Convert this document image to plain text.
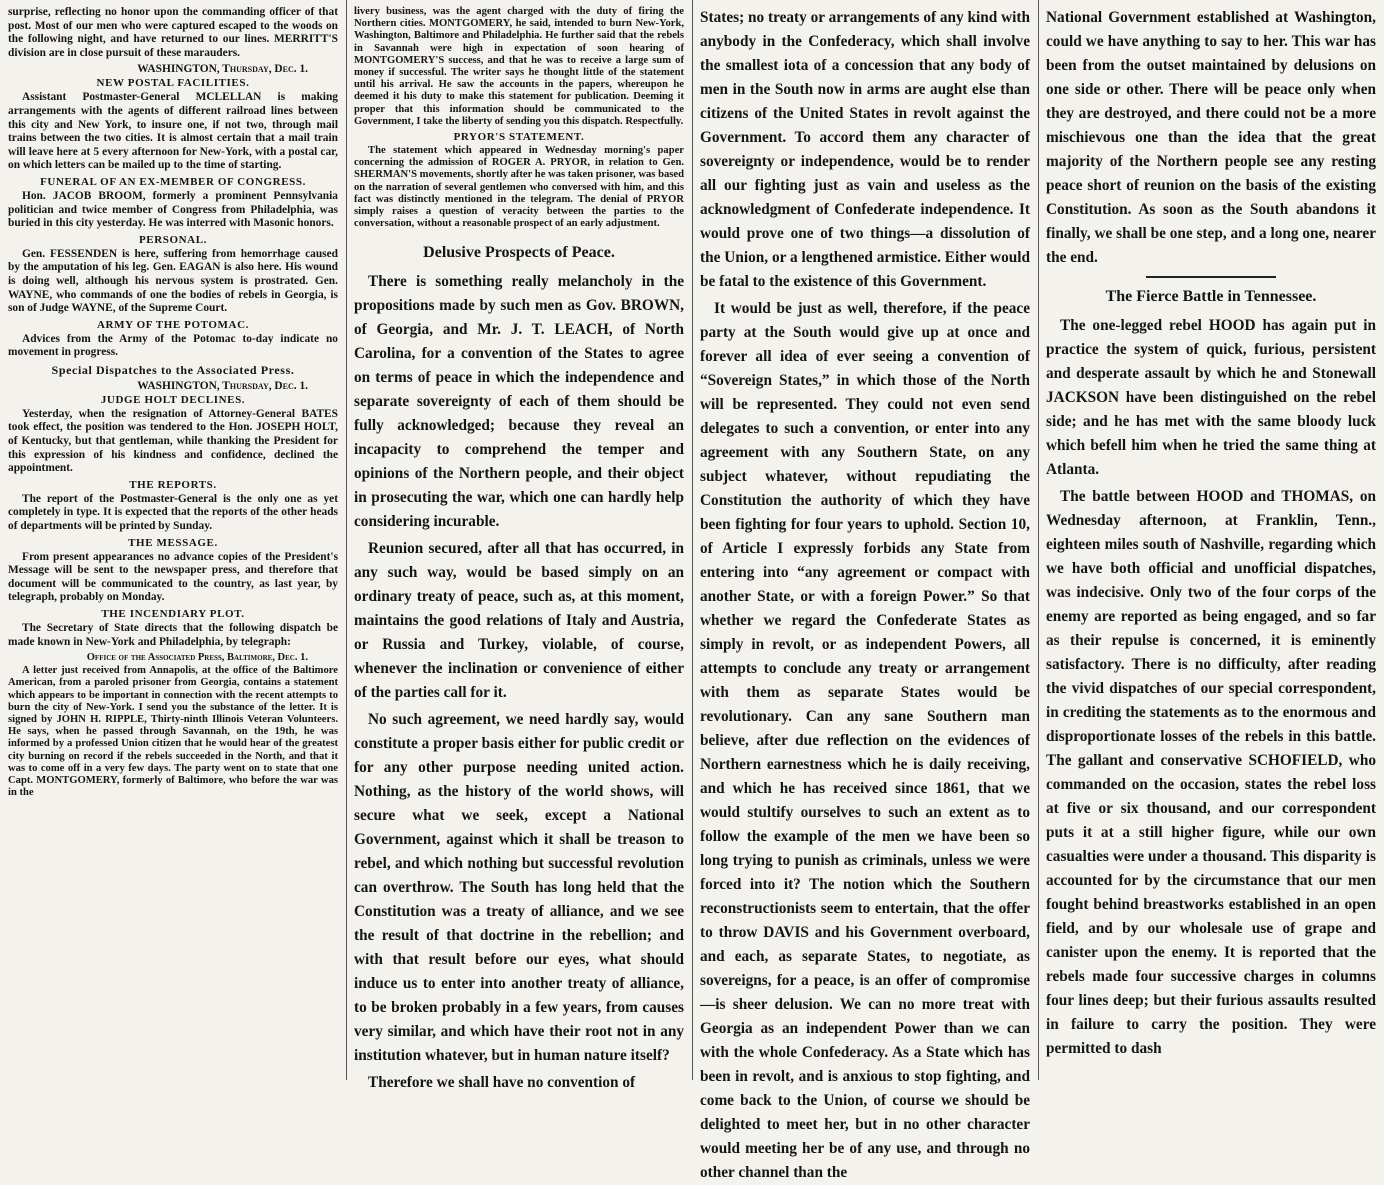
surprise, reflecting no honor upon the commanding officer of that post. Most of our men who were captured escaped to the woods on the following night, and have returned to our lines. MERRITT'S division are in close pursuit of these marauders.

WASHINGTON, Thursday, Dec. 1.
NEW POSTAL FACILITIES.

Assistant Postmaster-General MCLELLAN is making arrangements with the agents of different railroad lines between this city and New York, to insure one, if not two, through mail trains between the two cities. It is almost certain that a mail train will leave here at 5 every afternoon for New-York, with a postal car, on which letters can be mailed up to the time of starting.

FUNERAL OF AN EX-MEMBER OF CONGRESS.

Hon. JACOB BROOM, formerly a prominent Pennsylvania politician and twice member of Congress from Philadelphia, was buried in this city yesterday. He was interred with Masonic honors.

PERSONAL.

Gen. FESSENDEN is here, suffering from hemorrhage caused by the amputation of his leg. Gen. EAGAN is also here. His wound is doing well, although his nervous system is prostrated. Gen. WAYNE, who commands of one the bodies of rebels in Georgia, is son of Judge WAYNE, of the Supreme Court.

ARMY OF THE POTOMAC.

Advices from the Army of the Potomac to-day indicate no movement in progress.

Special Dispatches to the Associated Press.
WASHINGTON, Thursday, Dec. 1.
JUDGE HOLT DECLINES.

Yesterday, when the resignation of Attorney-General BATES took effect, the position was tendered to the Hon. JOSEPH HOLT, of Kentucky, but that gentleman, while thanking the President for this expression of his kindness and confidence, declined the appointment.

THE REPORTS.

The report of the Postmaster-General is the only one as yet completely in type. It is expected that the reports of the other heads of departments will be printed by Sunday.

THE MESSAGE.

From present appearances no advance copies of the President's Message will be sent to the newspaper press, and therefore that document will be communicated to the country, as last year, by telegraph, probably on Monday.

THE INCENDIARY PLOT.

The Secretary of State directs that the following dispatch be made known in New-York and Philadelphia, by telegraph:

Office of the Associated Press, Baltimore, Dec. 1.

A letter just received from Annapolis, at the office of the Baltimore American, from a paroled prisoner from Georgia, contains a statement which appears to be important in connection with the recent attempts to burn the city of New-York. I send you the substance of the letter. It is signed by JOHN H. RIPPLE, Thirty-ninth Illinois Veteran Volunteers. He says, when he passed through Savannah, on the 19th, he was informed by a professed Union citizen that he would hear of the greatest city burning on record if the rebels succeeded in the North, and that it was to come off in a very few days. The party went on to state that one Capt. MONTGOMERY, formerly of Baltimore, who before the war was in the

livery business, was the agent charged with the duty of firing the Northern cities. MONTGOMERY, he said, intended to burn New-York, Washington, Baltimore and Philadelphia. He further said that the rebels in Savannah were high in expectation of soon hearing of MONTGOMERY'S success, and that he was to receive a large sum of money if successful. The writer says he thought little of the statement until his arrival. He saw the accounts in the papers, whereupon he deemed it his duty to make this statement for publication. Deeming it proper that this information should be communicated to the Government, I take the liberty of sending you this dispatch. Respectfully.

PRYOR'S STATEMENT.

The statement which appeared in Wednesday morning's paper concerning the admission of ROGER A. PRYOR, in relation to Gen. SHERMAN'S movements, shortly after he was taken prisoner, was based on the narration of several gentlemen who conversed with him, and this fact was distinctly mentioned in the telegram. The denial of PRYOR simply raises a question of veracity between the parties to the conversation, without a reasonable prospect of an early adjustment.

Delusive Prospects of Peace.

There is something really melancholy in the propositions made by such men as Gov. BROWN, of Georgia, and Mr. J. T. LEACH, of North Carolina, for a convention of the States to agree on terms of peace in which the independence and separate sovereignty of each of them should be fully acknowledged; because they reveal an incapacity to comprehend the temper and opinions of the Northern people, and their object in prosecuting the war, which one can hardly help considering incurable.

Reunion secured, after all that has occurred, in any such way, would be based simply on an ordinary treaty of peace, such as, at this moment, maintains the good relations of Italy and Austria, or Russia and Turkey, violable, of course, whenever the inclination or convenience of either of the parties call for it.

No such agreement, we need hardly say, would constitute a proper basis either for public credit or for any other purpose needing united action. Nothing, as the history of the world shows, will secure what we seek, except a National Government, against which it shall be treason to rebel, and which nothing but successful revolution can overthrow. The South has long held that the Constitution was a treaty of alliance, and we see the result of that doctrine in the rebellion; and with that result before our eyes, what should induce us to enter into another treaty of alliance, to be broken probably in a few years, from causes very similar, and which have their root not in any institution whatever, but in human nature itself?

Therefore we shall have no convention of

States; no treaty or arrangements of any kind with anybody in the Confederacy, which shall involve the smallest iota of a concession that any body of men in the South now in arms are aught else than citizens of the United States in revolt against the Government. To accord them any character of sovereignty or independence, would be to render all our fighting just as vain and useless as the acknowledgment of Confederate independence. It would prove one of two things—a dissolution of the Union, or a lengthened armistice. Either would be fatal to the existence of this Government.

It would be just as well, therefore, if the peace party at the South would give up at once and forever all idea of ever seeing a convention of “Sovereign States,” in which those of the North will be represented. They could not even send delegates to such a convention, or enter into any agreement with any Southern State, on any subject whatever, without repudiating the Constitution the authority of which they have been fighting for four years to uphold. Section 10, of Article I expressly forbids any State from entering into “any agreement or compact with another State, or with a foreign Power.” So that whether we regard the Confederate States as simply in revolt, or as independent Powers, all attempts to conclude any treaty or arrangement with them as separate States would be revolutionary. Can any sane Southern man believe, after due reflection on the evidences of Northern earnestness which he is daily receiving, and which he has received since 1861, that we would stultify ourselves to such an extent as to follow the example of the men we have been so long trying to punish as criminals, unless we were forced into it? The notion which the Southern reconstructionists seem to entertain, that the offer to throw DAVIS and his Government overboard, and each, as separate States, to negotiate, as sovereigns, for a peace, is an offer of compromise—is sheer delusion. We can no more treat with Georgia as an independent Power than we can with the whole Confederacy. As a State which has been in revolt, and is anxious to stop fighting, and come back to the Union, of course we should be delighted to meet her, but in no other character would meeting her be of any use, and through no other channel than the

National Government established at Washington, could we have anything to say to her. This war has been from the outset maintained by delusions on one side or other. There will be peace only when they are destroyed, and there could not be a more mischievous one than the idea that the great majority of the Northern people see any resting peace short of reunion on the basis of the existing Constitution. As soon as the South abandons it finally, we shall be one step, and a long one, nearer the end.

The Fierce Battle in Tennessee.

The one-legged rebel HOOD has again put in practice the system of quick, furious, persistent and desperate assault by which he and Stonewall JACKSON have been distinguished on the rebel side; and he has met with the same bloody luck which befell him when he tried the same thing at Atlanta.

The battle between HOOD and THOMAS, on Wednesday afternoon, at Franklin, Tenn., eighteen miles south of Nashville, regarding which we have both official and unofficial dispatches, was indecisive. Only two of the four corps of the enemy are reported as being engaged, and so far as their repulse is concerned, it is eminently satisfactory. There is no difficulty, after reading the vivid dispatches of our special correspondent, in crediting the statements as to the enormous and disproportionate losses of the rebels in this battle. The gallant and conservative SCHOFIELD, who commanded on the occasion, states the rebel loss at five or six thousand, and our correspondent puts it at a still higher figure, while our own casualties were under a thousand. This disparity is accounted for by the circumstance that our men fought behind breastworks established in an open field, and by our wholesale use of grape and canister upon the enemy. It is reported that the rebels made four successive charges in columns four lines deep; but their furious assaults resulted in failure to carry the position. They were permitted to dash
